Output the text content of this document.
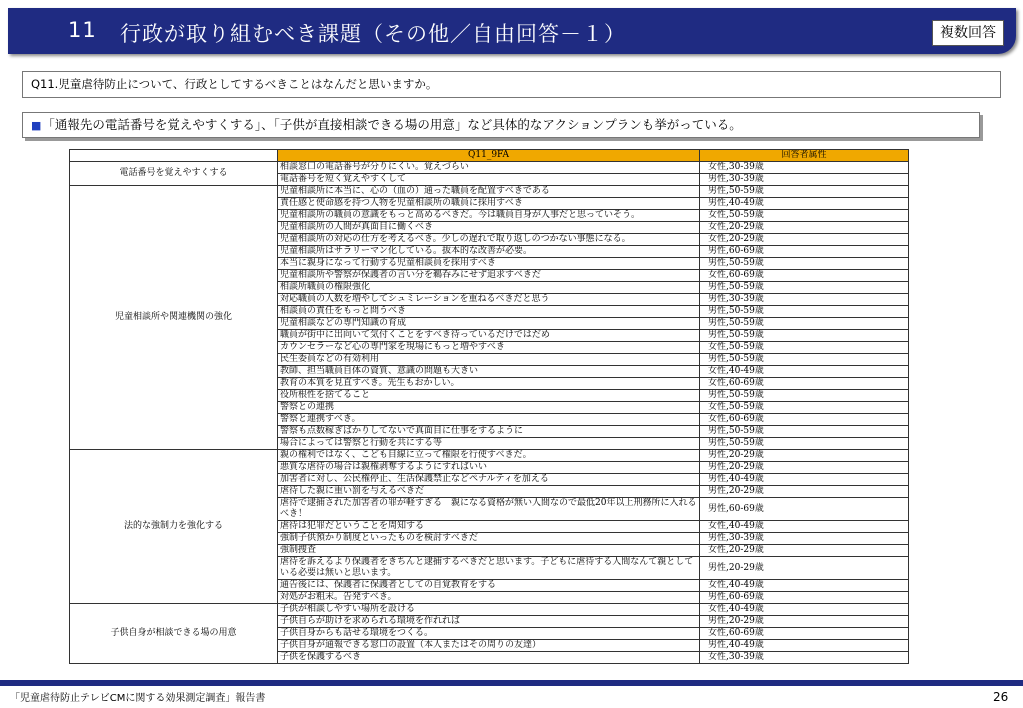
11 行政が取り組むべき課題（その他／自由回答－１）	複数回答
Q11.児童虐待防止について、行政としてするべきことはなんだと思いますか。
■「通報先の電話番号を覚えやすくする」、「子供が直接相談できる場の用意」など具体的なアクションプランも挙がっている。
	Q11_9FA	回答者属性
電話番号を覚えやすくする	相談窓口の電話番号が分りにくい。覚えづらい	女性,30-39歳
	電話番号を短く覚えやすくして	男性,30-39歳
児童相談所や関連機関の強化	児童相談所に本当に、心の（血の）通った職員を配置すべきである	男性,50-59歳
	責任感と使命感を持つ人物を児童相談所の職員に採用すべき	男性,40-49歳
	児童相談所の職員の意識をもっと高めるべきだ。今は職員自身が人事だと思っていそう。	女性,50-59歳
	児童相談所の人間が真面目に働くべき	女性,20-29歳
	児童相談所の対応の仕方を考えるべき。少しの遅れで取り返しのつかない事態になる。	女性,20-29歳
	児童相談所はサラリーマン化している。抜本的な改善が必要。	男性,60-69歳
	本当に親身になって行動する児童相談員を採用すべき	男性,50-59歳
	児童相談所や警察が保護者の言い分を鵜呑みにせず追求すべきだ	女性,60-69歳
	相談所職員の権限強化	男性,50-59歳
	対応職員の人数を増やしてシュミレーションを重ねるべきだと思う	男性,30-39歳
	相談員の責任をもっと問うべき	男性,50-59歳
	児童相談などの専門知識の育成	男性,50-59歳
	職員が街中に出向いて気付くことをすべき待っているだけではだめ	男性,50-59歳
	カウンセラーなど心の専門家を現場にもっと増やすべき	女性,50-59歳
	民生委員などの有効利用	男性,50-59歳
	教師、担当職員自体の資質、意識の問題も大きい	女性,40-49歳
	教育の本質を見直すべき。先生もおかしい。	女性,60-69歳
	役所根性を捨てること	男性,50-59歳
	警察との連携	女性,50-59歳
	警察と連携すべき。	女性,60-69歳
	警察も点数稼ぎばかりしてないで真面目に仕事をするように	男性,50-59歳
	場合によっては警察と行動を共にする等	男性,50-59歳
法的な強制力を強化する	親の権利ではなく、こども目線に立って権限を行使すべきだ。	男性,20-29歳
	悪質な虐待の場合は親権剥奪するようにすればいい	男性,20-29歳
	加害者に対し、公民権停止、生活保護禁止などペナルティを加える	男性,40-49歳
	虐待した親に重い罰を与えるべきだ	男性,20-29歳
	虐待で逮捕された加害者の罪が軽すぎる　親になる資格が無い人間なので最低20年以上刑務所に入れるべき！	男性,60-69歳
	虐待は犯罪だということを周知する	女性,40-49歳
	強制子供預かり制度といったものを検討すべきだ	男性,30-39歳
	強制捜査	女性,20-29歳
	虐待を訴えるより保護者をきちんと逮捕するべきだと思います。子どもに虐待する人間なんて親として いる必要は無いと思います。	男性,20-29歳
	通告後には、保護者に保護者としての自覚教育をする	女性,40-49歳
	対処がお粗末。告発すべき。	男性,60-69歳
子供自身が相談できる場の用意	子供が相談しやすい場所を設ける	女性,40-49歳
	子供自らが助けを求められる環境を作れれば	男性,20-29歳
	子供自身からも話せる環境をつくる。	女性,60-69歳
	子供自身が通報できる窓口の設置（本人またはその周りの友達）	男性,40-49歳
	子供を保護するべき	女性,30-39歳
「児童虐待防止テレビCMに関する効果測定調査」報告書	26
